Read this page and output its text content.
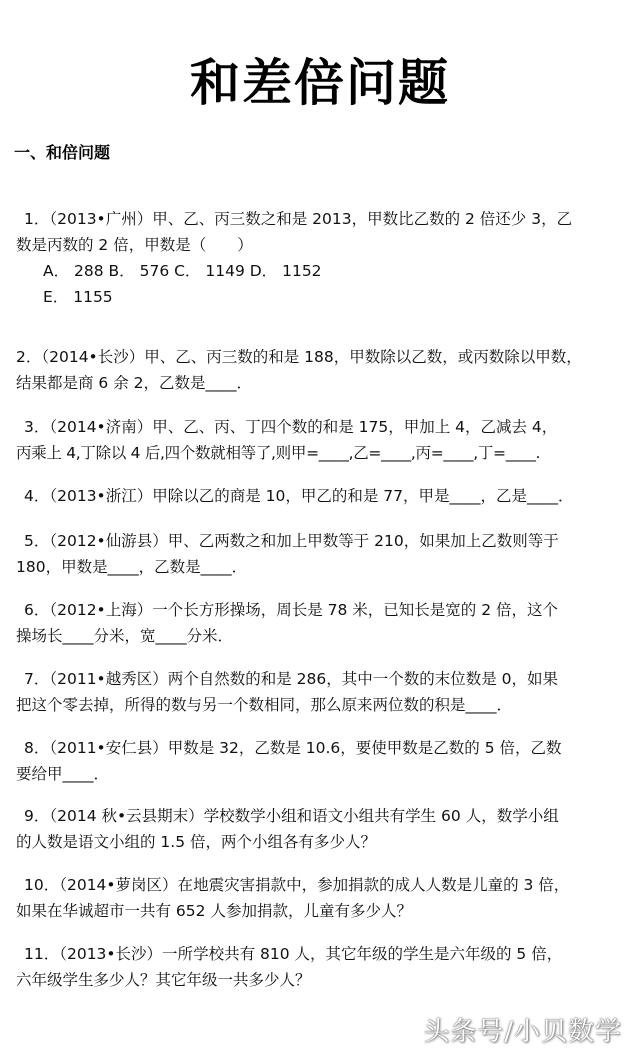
和差倍问题
一、和倍问题
1．（2013•广州）甲、乙、丙三数之和是 2013，甲数比乙数的 2 倍还少 3，乙
数是丙数的 2 倍，甲数是（　　）
A． 288 B． 576 C． 1149 D． 1152
E． 1155
2．（2014•长沙）甲、乙、丙三数的和是 188，甲数除以乙数，或丙数除以甲数，
结果都是商 6 余 2，乙数是____．
3．（2014•济南）甲、乙、丙、丁四个数的和是 175，甲加上 4，乙减去 4，
丙乘上 4,丁除以 4 后,四个数就相等了,则甲=____,乙=____,丙=____,丁=____.
4．（2013•浙江）甲除以乙的商是 10，甲乙的和是 77，甲是____，乙是____．
5．（2012•仙游县）甲、乙两数之和加上甲数等于 210，如果加上乙数则等于
180，甲数是____，乙数是____．
6．（2012•上海）一个长方形操场，周长是 78 米，已知长是宽的 2 倍，这个
操场长____分米，宽____分米．
7．（2011•越秀区）两个自然数的和是 286，其中一个数的末位数是 0，如果
把这个零去掉，所得的数与另一个数相同，那么原来两位数的积是____．
8．（2011•安仁县）甲数是 32，乙数是 10.6，要使甲数是乙数的 5 倍，乙数
要给甲____．
9．（2014 秋•云县期末）学校数学小组和语文小组共有学生 60 人，数学小组
的人数是语文小组的 1.5 倍，两个小组各有多少人？
10．（2014•萝岗区）在地震灾害捐款中，参加捐款的成人人数是儿童的 3 倍，
如果在华诚超市一共有 652 人参加捐款，儿童有多少人？
11．（2013•长沙）一所学校共有 810 人，其它年级的学生是六年级的 5 倍，
六年级学生多少人？其它年级一共多少人？
头条号/小贝数学
